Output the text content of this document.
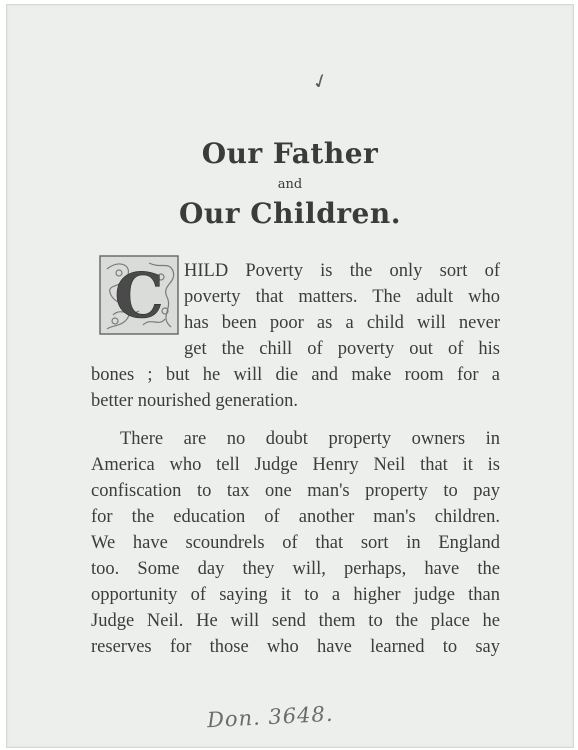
✓
Our Father
and
Our Children.
C HILD Poverty is the only sort of
poverty that matters. The adult who
has been poor as a child will never
get the chill of poverty out of his
bones ; but he will die and make room for a
better nourished generation.
There are no doubt property owners in
America who tell Judge Henry Neil that it is
confiscation to tax one man's property to pay
for the education of another man's children.
We have scoundrels of that sort in England
too. Some day they will, perhaps, have the
opportunity of saying it to a higher judge than
Judge Neil. He will send them to the place he
reserves for those who have learned to say
Don. 3648.
